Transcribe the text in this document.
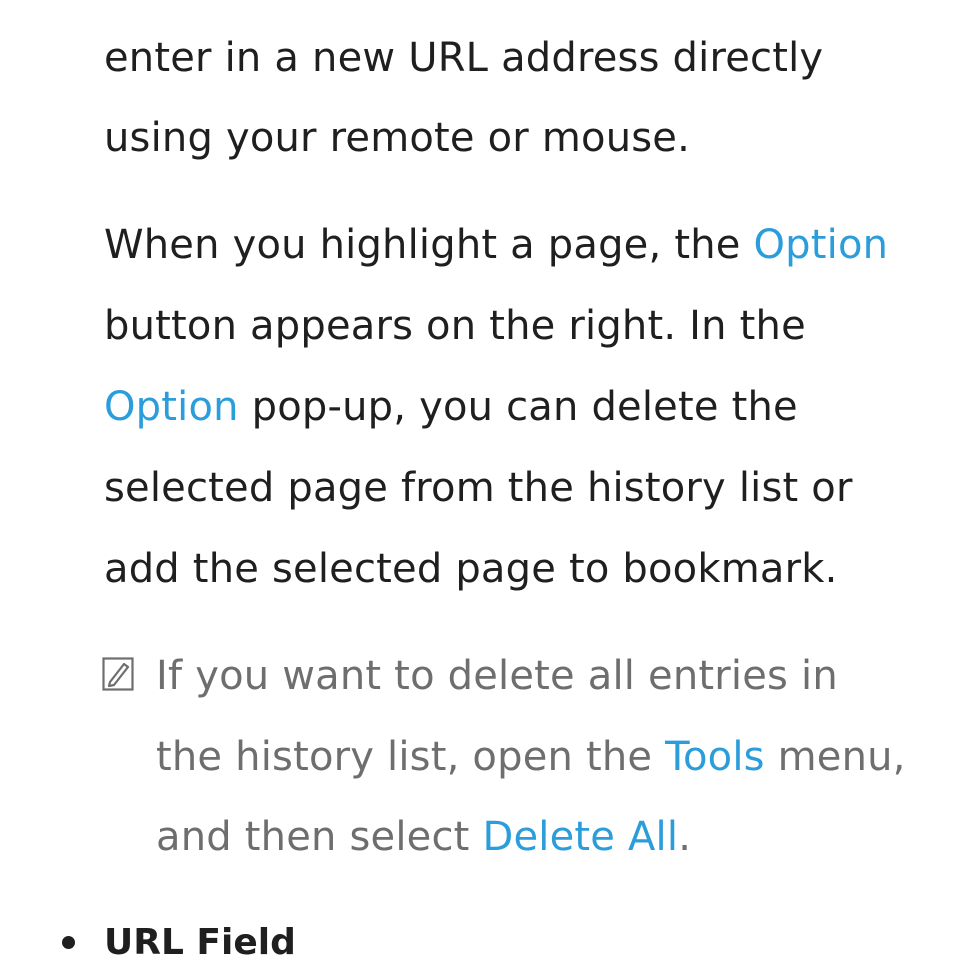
enter in a new URL address directly
using your remote or mouse.
When you highlight a page, the Option
button appears on the right. In the
Option pop-up, you can delete the
selected page from the history list or
add the selected page to bookmark.
If you want to delete all entries in
the history list, open the Tools menu,
and then select Delete All.
URL Field
